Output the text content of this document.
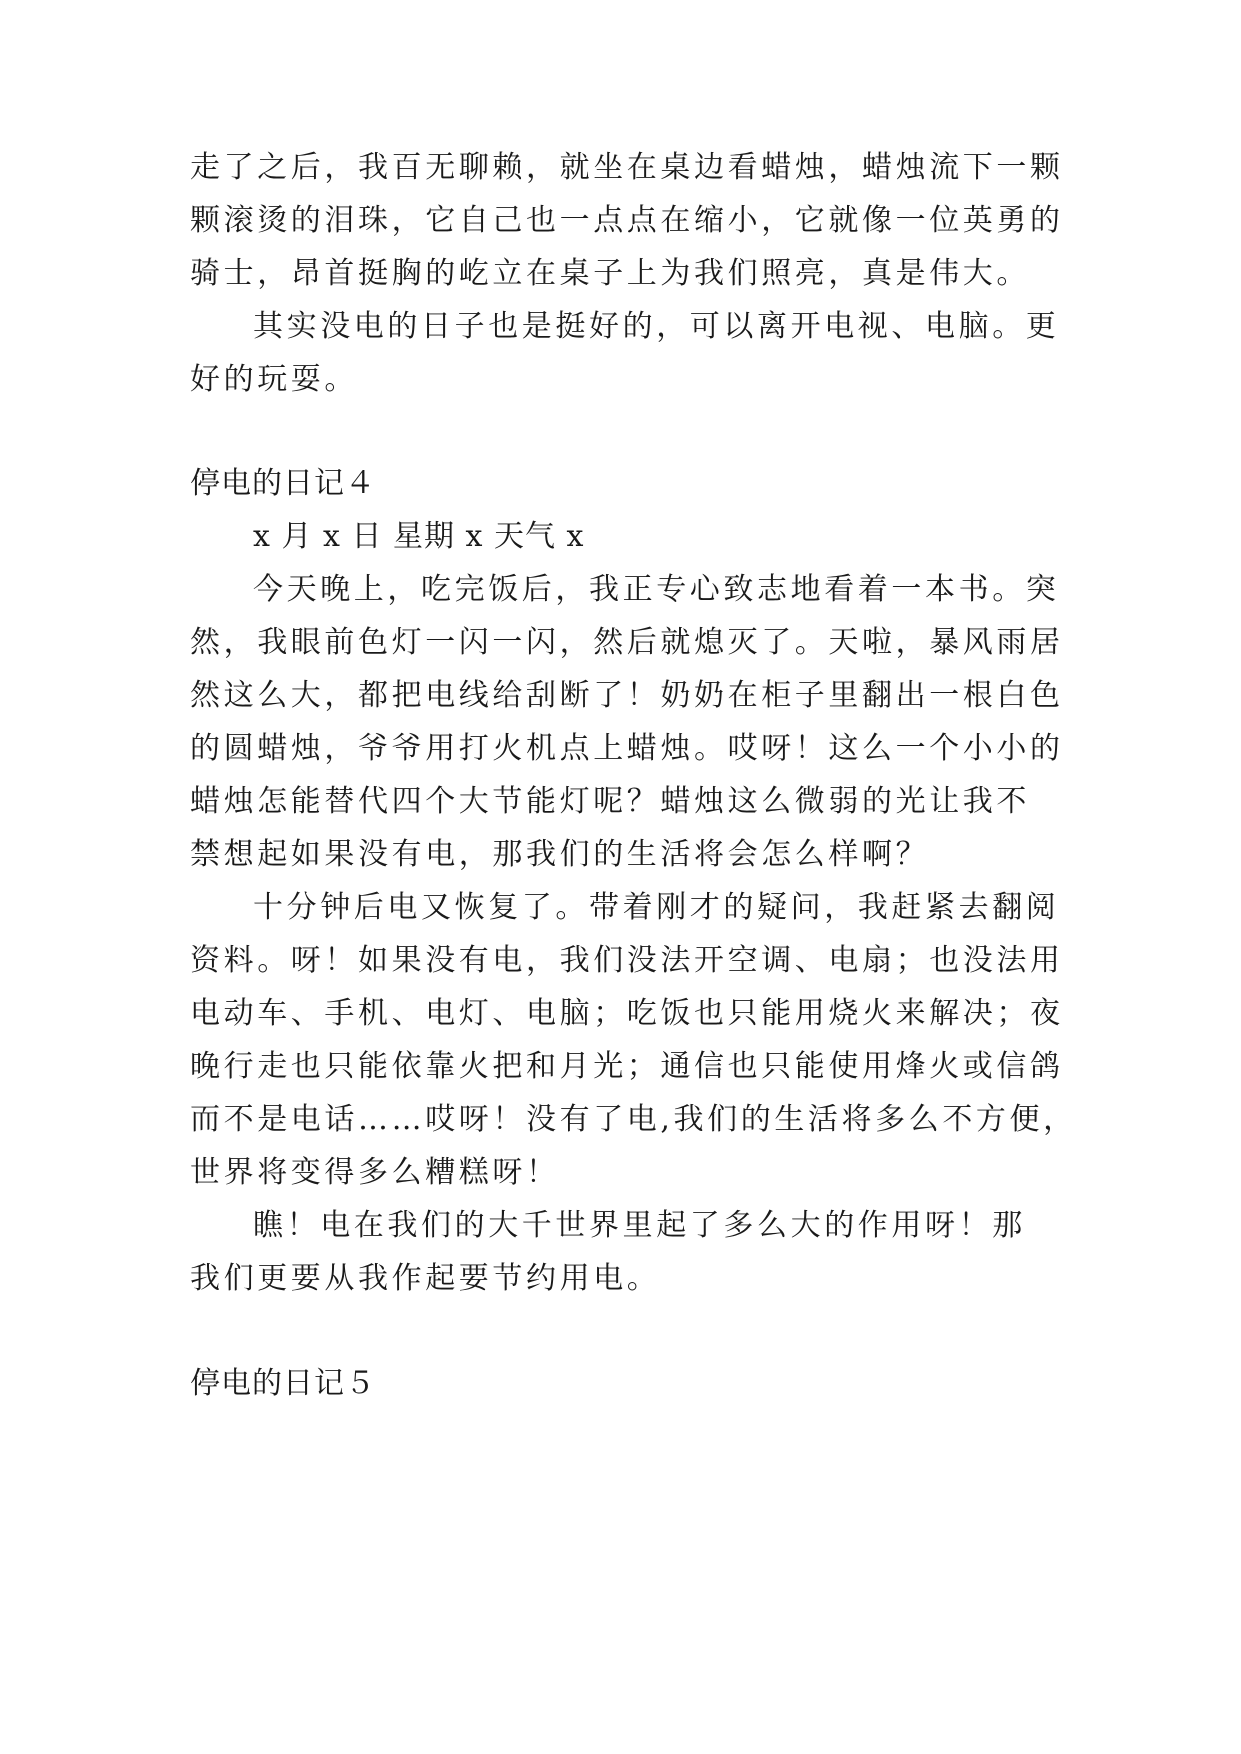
走了之后，我百无聊赖，就坐在桌边看蜡烛，蜡烛流下一颗
颗滚烫的泪珠，它自己也一点点在缩小，它就像一位英勇的
骑士，昂首挺胸的屹立在桌子上为我们照亮，真是伟大。
其实没电的日子也是挺好的，可以离开电视、电脑。更
好的玩耍。
停电的日记４
x 月 x 日 星期 x 天气 x
今天晚上，吃完饭后，我正专心致志地看着一本书。突
然，我眼前色灯一闪一闪，然后就熄灭了。天啦，暴风雨居
然这么大，都把电线给刮断了！奶奶在柜子里翻出一根白色
的圆蜡烛，爷爷用打火机点上蜡烛。哎呀！这么一个小小的
蜡烛怎能替代四个大节能灯呢？蜡烛这么微弱的光让我不
禁想起如果没有电，那我们的生活将会怎么样啊？
十分钟后电又恢复了。带着刚才的疑问，我赶紧去翻阅
资料。呀！如果没有电，我们没法开空调、电扇；也没法用
电动车、手机、电灯、电脑；吃饭也只能用烧火来解决；夜
晚行走也只能依靠火把和月光；通信也只能使用烽火或信鸽
而不是电话……哎呀！没有了电,我们的生活将多么不方便，
世界将变得多么糟糕呀！
瞧！电在我们的大千世界里起了多么大的作用呀！那
我们更要从我作起要节约用电。
停电的日记５
